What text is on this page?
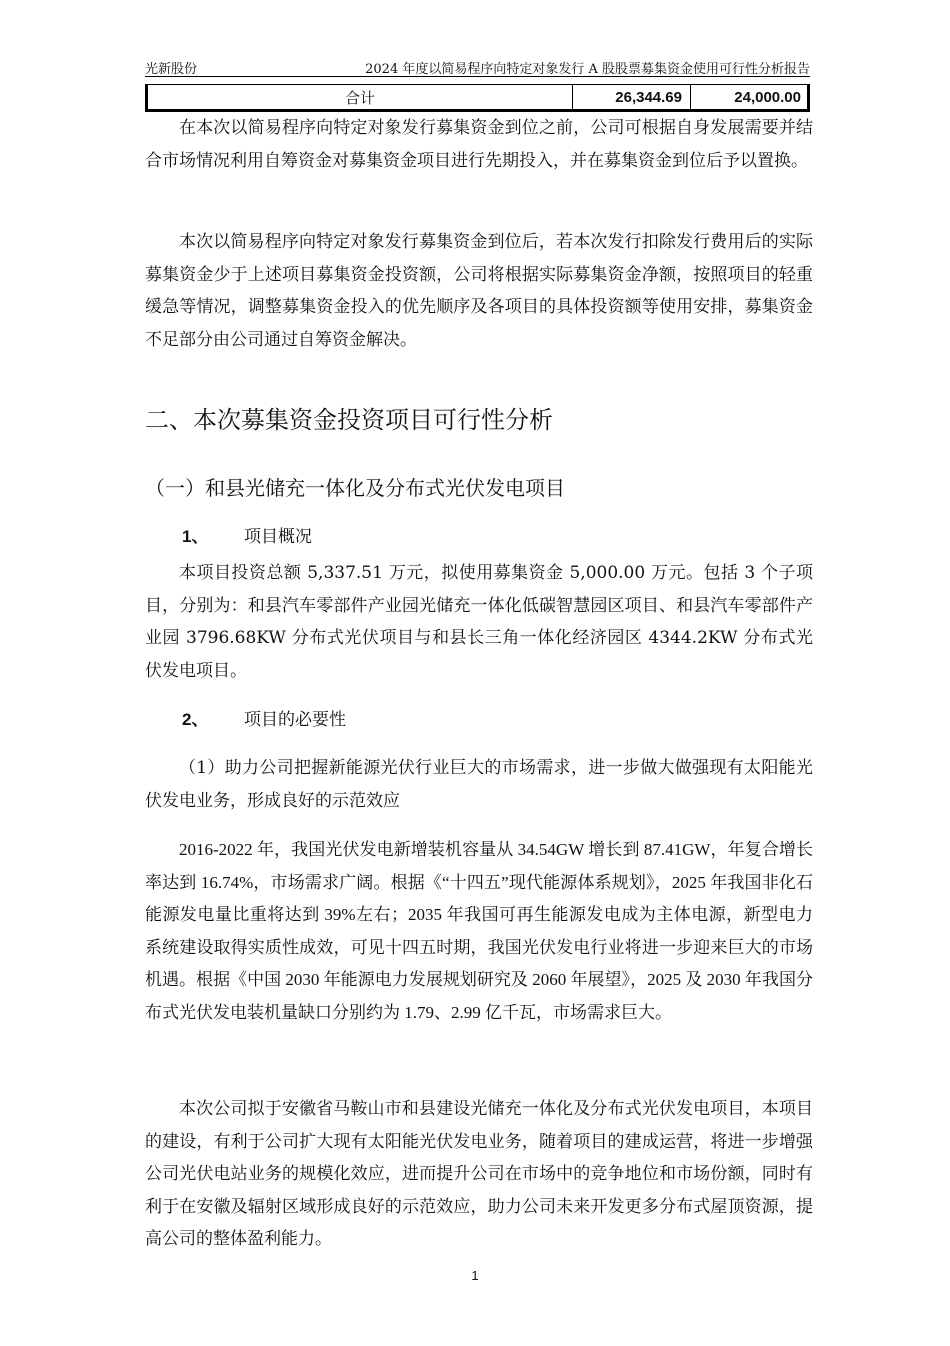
光新股份	2024 年度以简易程序向特定对象发行 A 股股票募集资金使用可行性分析报告
合计	26,344.69	24,000.00

在本次以简易程序向特定对象发行募集资金到位之前，公司可根据自身发展需要并结合市场情况利用自筹资金对募集资金项目进行先期投入，并在募集资金到位后予以置换。

本次以简易程序向特定对象发行募集资金到位后，若本次发行扣除发行费用后的实际募集资金少于上述项目募集资金投资额，公司将根据实际募集资金净额，按照项目的轻重缓急等情况，调整募集资金投入的优先顺序及各项目的具体投资额等使用安排，募集资金不足部分由公司通过自筹资金解决。

二、本次募集资金投资项目可行性分析
（一）和县光储充一体化及分布式光伏发电项目
1、 项目概况

本项目投资总额 5,337.51 万元，拟使用募集资金 5,000.00 万元。包括 3 个子项目，分别为：和县汽车零部件产业园光储充一体化低碳智慧园区项目、和县汽车零部件产业园 3796.68KW 分布式光伏项目与和县长三角一体化经济园区 4344.2KW 分布式光伏发电项目。

2、 项目的必要性

（1）助力公司把握新能源光伏行业巨大的市场需求，进一步做大做强现有太阳能光伏发电业务，形成良好的示范效应

2016-2022 年，我国光伏发电新增装机容量从 34.54GW 增长到 87.41GW，年复合增长率达到 16.74%，市场需求广阔。根据《“十四五”现代能源体系规划》，2025 年我国非化石能源发电量比重将达到 39%左右；2035 年我国可再生能源发电成为主体电源，新型电力系统建设取得实质性成效，可见十四五时期，我国光伏发电行业将进一步迎来巨大的市场机遇。根据《中国 2030 年能源电力发展规划研究及 2060 年展望》，2025 及 2030 年我国分布式光伏发电装机量缺口分别约为 1.79、2.99 亿千瓦，市场需求巨大。

本次公司拟于安徽省马鞍山市和县建设光储充一体化及分布式光伏发电项目，本项目的建设，有利于公司扩大现有太阳能光伏发电业务，随着项目的建成运营，将进一步增强公司光伏电站业务的规模化效应，进而提升公司在市场中的竞争地位和市场份额，同时有利于在安徽及辐射区域形成良好的示范效应，助力公司未来开发更多分布式屋顶资源，提高公司的整体盈利能力。

1
